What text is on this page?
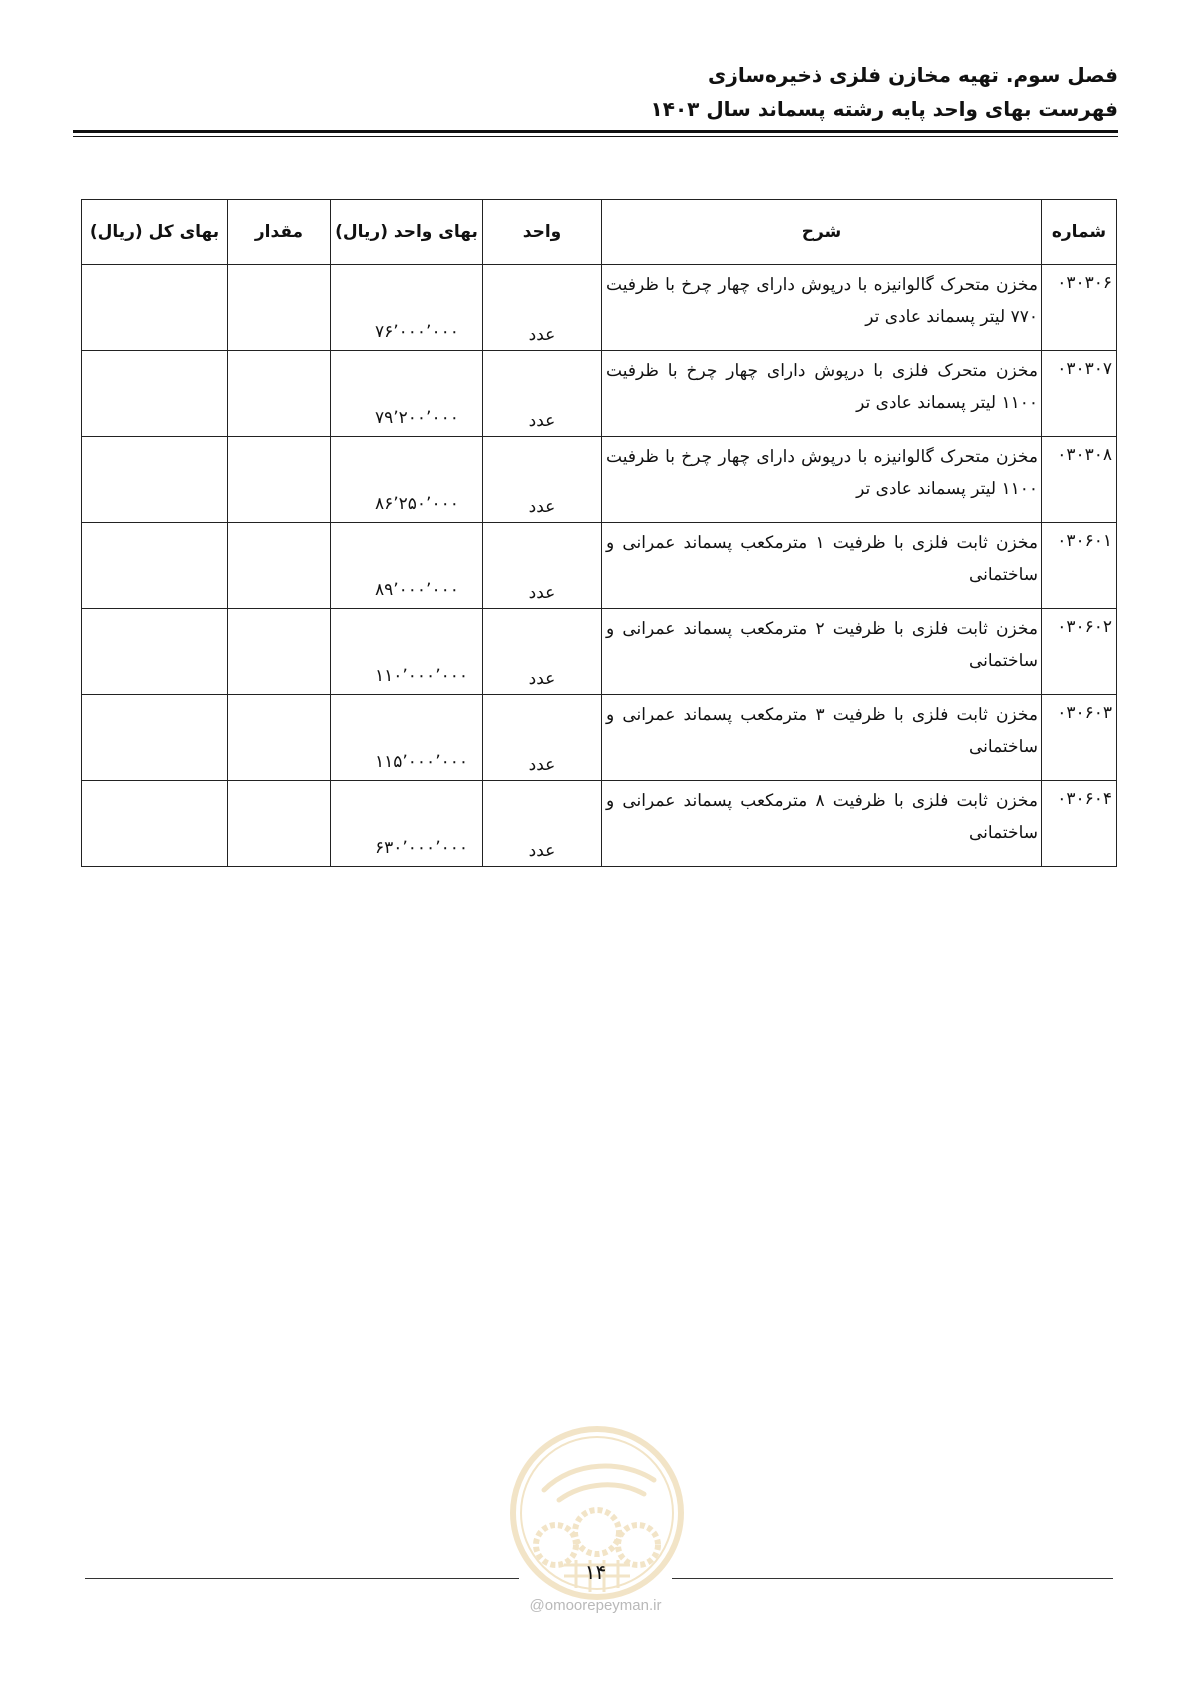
فصل سوم. تهیه مخازن فلزی ذخیره‌سازی
فهرست بهای واحد پایه رشته پسماند سال ۱۴۰۳
شماره	شرح	واحد	بهای واحد (ریال)	مقدار	بهای کل (ریال)
۰۳۰۳۰۶	مخزن متحرک گالوانیزه با درپوش دارای چهار چرخ با ظرفیت ۷۷۰ لیتر پسماند عادی تر	عدد	۷۶٬۰۰۰٬۰۰۰		
۰۳۰۳۰۷	مخزن متحرک فلزی با درپوش دارای چهار چرخ با ظرفیت ۱۱۰۰ لیتر پسماند عادی تر	عدد	۷۹٬۲۰۰٬۰۰۰		
۰۳۰۳۰۸	مخزن متحرک گالوانیزه با درپوش دارای چهار چرخ با ظرفیت ۱۱۰۰ لیتر پسماند عادی تر	عدد	۸۶٬۲۵۰٬۰۰۰		
۰۳۰۶۰۱	مخزن ثابت فلزی با ظرفیت ۱ مترمکعب پسماند عمرانی و ساختمانی	عدد	۸۹٬۰۰۰٬۰۰۰		
۰۳۰۶۰۲	مخزن ثابت فلزی با ظرفیت ۲ مترمکعب پسماند عمرانی و ساختمانی	عدد	۱۱۰٬۰۰۰٬۰۰۰		
۰۳۰۶۰۳	مخزن ثابت فلزی با ظرفیت ۳ مترمکعب پسماند عمرانی و ساختمانی	عدد	۱۱۵٬۰۰۰٬۰۰۰		
۰۳۰۶۰۴	مخزن ثابت فلزی با ظرفیت ۸ مترمکعب پسماند عمرانی و ساختمانی	عدد	۶۳۰٬۰۰۰٬۰۰۰		
۱۴
@omoorepeyman.ir
